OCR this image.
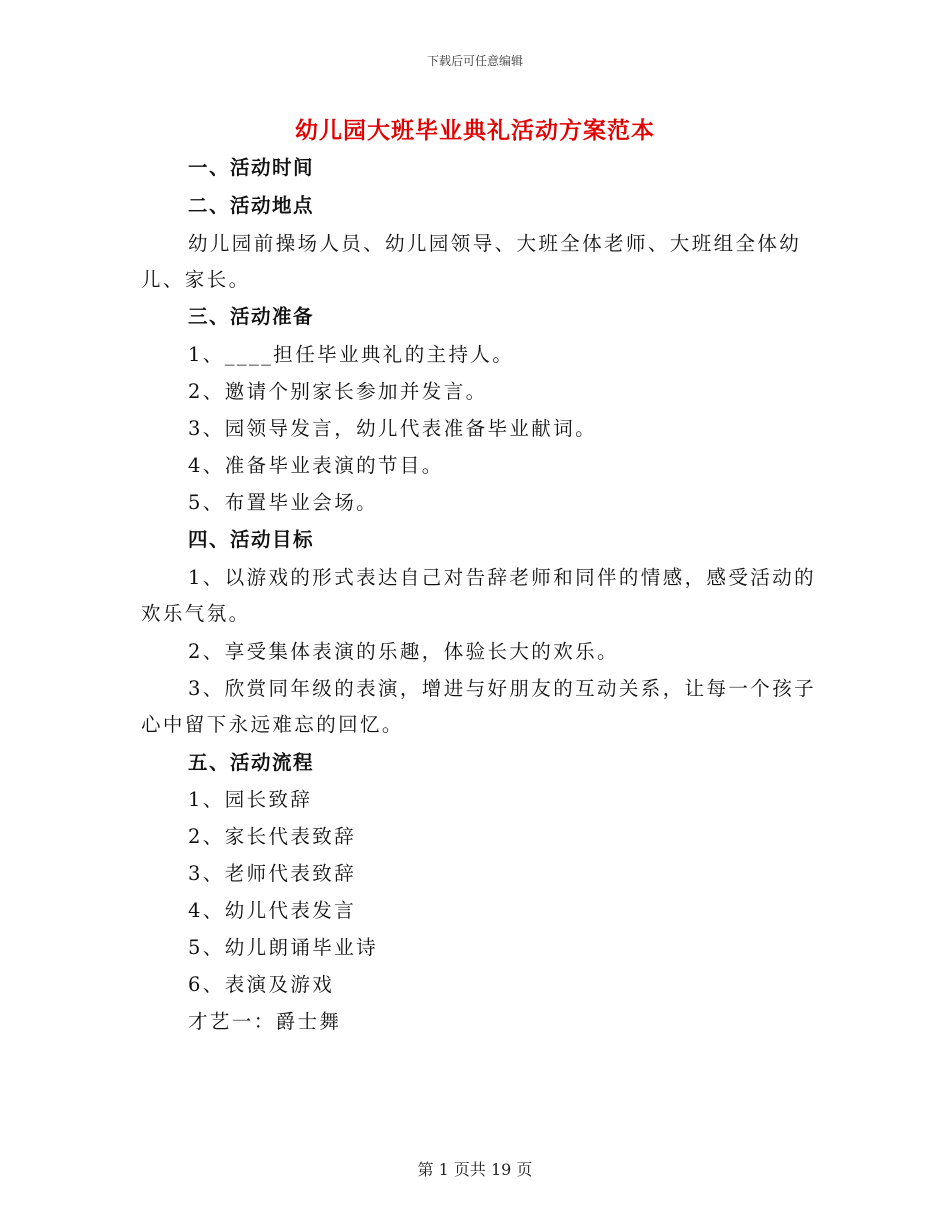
下载后可任意编辑
幼儿园大班毕业典礼活动方案范本
一、活动时间
二、活动地点
幼儿园前操场人员、幼儿园领导、大班全体老师、大班组全体幼
儿、家长。
三、活动准备
1、____担任毕业典礼的主持人。
2、邀请个别家长参加并发言。
3、园领导发言，幼儿代表准备毕业献词。
4、准备毕业表演的节目。
5、布置毕业会场。
四、活动目标
1、以游戏的形式表达自己对告辞老师和同伴的情感，感受活动的
欢乐气氛。
2、享受集体表演的乐趣，体验长大的欢乐。
3、欣赏同年级的表演，增进与好朋友的互动关系，让每一个孩子
心中留下永远难忘的回忆。
五、活动流程
1、园长致辞
2、家长代表致辞
3、老师代表致辞
4、幼儿代表发言
5、幼儿朗诵毕业诗
6、表演及游戏
才艺一：爵士舞
第 1 页共 19 页
